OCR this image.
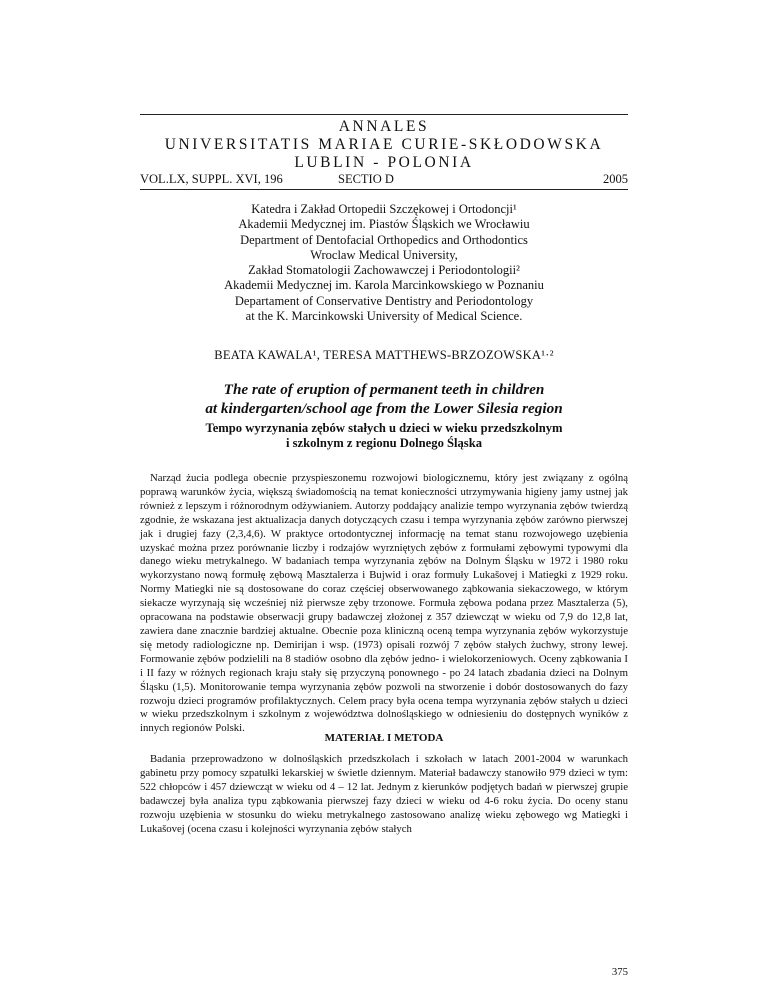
ANNALES
UNIVERSITATIS MARIAE CURIE-SKŁODOWSKA
LUBLIN - POLONIA
VOL.LX, SUPPL. XVI, 196	SECTIO D	2005
Katedra i Zakład Ortopedii Szczękowej i Ortodoncji¹
Akademii Medycznej im. Piastów Śląskich we Wrocławiu
Department of Dentofacial Orthopedics and Orthodontics
Wroclaw Medical University,
Zakład Stomatologii Zachowawczej i Periodontologii²
Akademii Medycznej im. Karola Marcinkowskiego w Poznaniu
Departament of Conservative Dentistry and Periodontology
at the K. Marcinkowski University of Medical Science.
BEATA KAWALA¹, TERESA MATTHEWS-BRZOZOWSKA¹·²
The rate of eruption of permanent teeth in children
at kindergarten/school age from the Lower Silesia region
Tempo wyrzynania zębów stałych u dzieci w wieku przedszkolnym
i szkolnym z regionu Dolnego Śląska

Narząd żucia podlega obecnie przyspieszonemu rozwojowi biologicznemu, który jest związany z ogólną poprawą warunków życia, większą świadomością na temat konieczności utrzymywania higieny jamy ustnej jak również z lepszym i różnorodnym odżywianiem. Autorzy poddający analizie tempo wyrzynania zębów twierdzą zgodnie, że wskazana jest aktualizacja danych dotyczących czasu i tempa wyrzynania zębów zarówno pierwszej jak i drugiej fazy (2,3,4,6). W praktyce ortodontycznej informację na temat stanu rozwojowego uzębienia uzyskać można przez porównanie liczby i rodzajów wyrzniętych zębów z formułami zębowymi typowymi dla danego wieku metrykalnego. W badaniach tempa wyrzynania zębów na Dolnym Śląsku w 1972 i 1980 roku wykorzystano nową formułę zębową Masztalerza i Bujwid i oraz formuły Lukašovej i Matiegki z 1929 roku. Normy Matiegki nie są dostosowane do coraz częściej obserwowanego ząbkowania siekaczowego, w którym siekacze wyrzynają się wcześniej niż pierwsze zęby trzonowe. Formuła zębowa podana przez Masztalerza (5), opracowana na podstawie obserwacji grupy badawczej złożonej z 357 dziewcząt w wieku od 7,9 do 12,8 lat, zawiera dane znacznie bardziej aktualne. Obecnie poza kliniczną oceną tempa wyrzynania zębów wykorzystuje się metody radiologiczne np. Demirijan i wsp. (1973) opisali rozwój 7 zębów stałych żuchwy, strony lewej. Formowanie zębów podzielili na 8 stadiów osobno dla zębów jedno- i wielokorzeniowych. Oceny ząbkowania I i II fazy w różnych regionach kraju stały się przyczyną ponownego - po 24 latach zbadania dzieci na Dolnym Śląsku (1,5). Monitorowanie tempa wyrzynania zębów pozwoli na stworzenie i dobór dostosowanych do fazy rozwoju dzieci programów profilaktycznych. Celem pracy była ocena tempa wyrzynania zębów stałych u dzieci w wieku przedszkolnym i szkolnym z województwa dolnośląskiego w odniesieniu do dostępnych wyników z innych regionów Polski.

MATERIAŁ I METODA

Badania przeprowadzono w dolnośląskich przedszkolach i szkołach w latach 2001-2004 w warunkach gabinetu przy pomocy szpatułki lekarskiej w świetle dziennym. Materiał badawczy stanowiło 979 dzieci w tym: 522 chłopców i 457 dziewcząt w wieku od 4 – 12 lat. Jednym z kierunków podjętych badań w pierwszej grupie badawczej była analiza typu ząbkowania pierwszej fazy dzieci w wieku od 4-6 roku życia. Do oceny stanu rozwoju uzębienia w stosunku do wieku metrykalnego zastosowano analizę wieku zębowego wg Matiegki i Lukašovej (ocena czasu i kolejności wyrzynania zębów stałych

375
